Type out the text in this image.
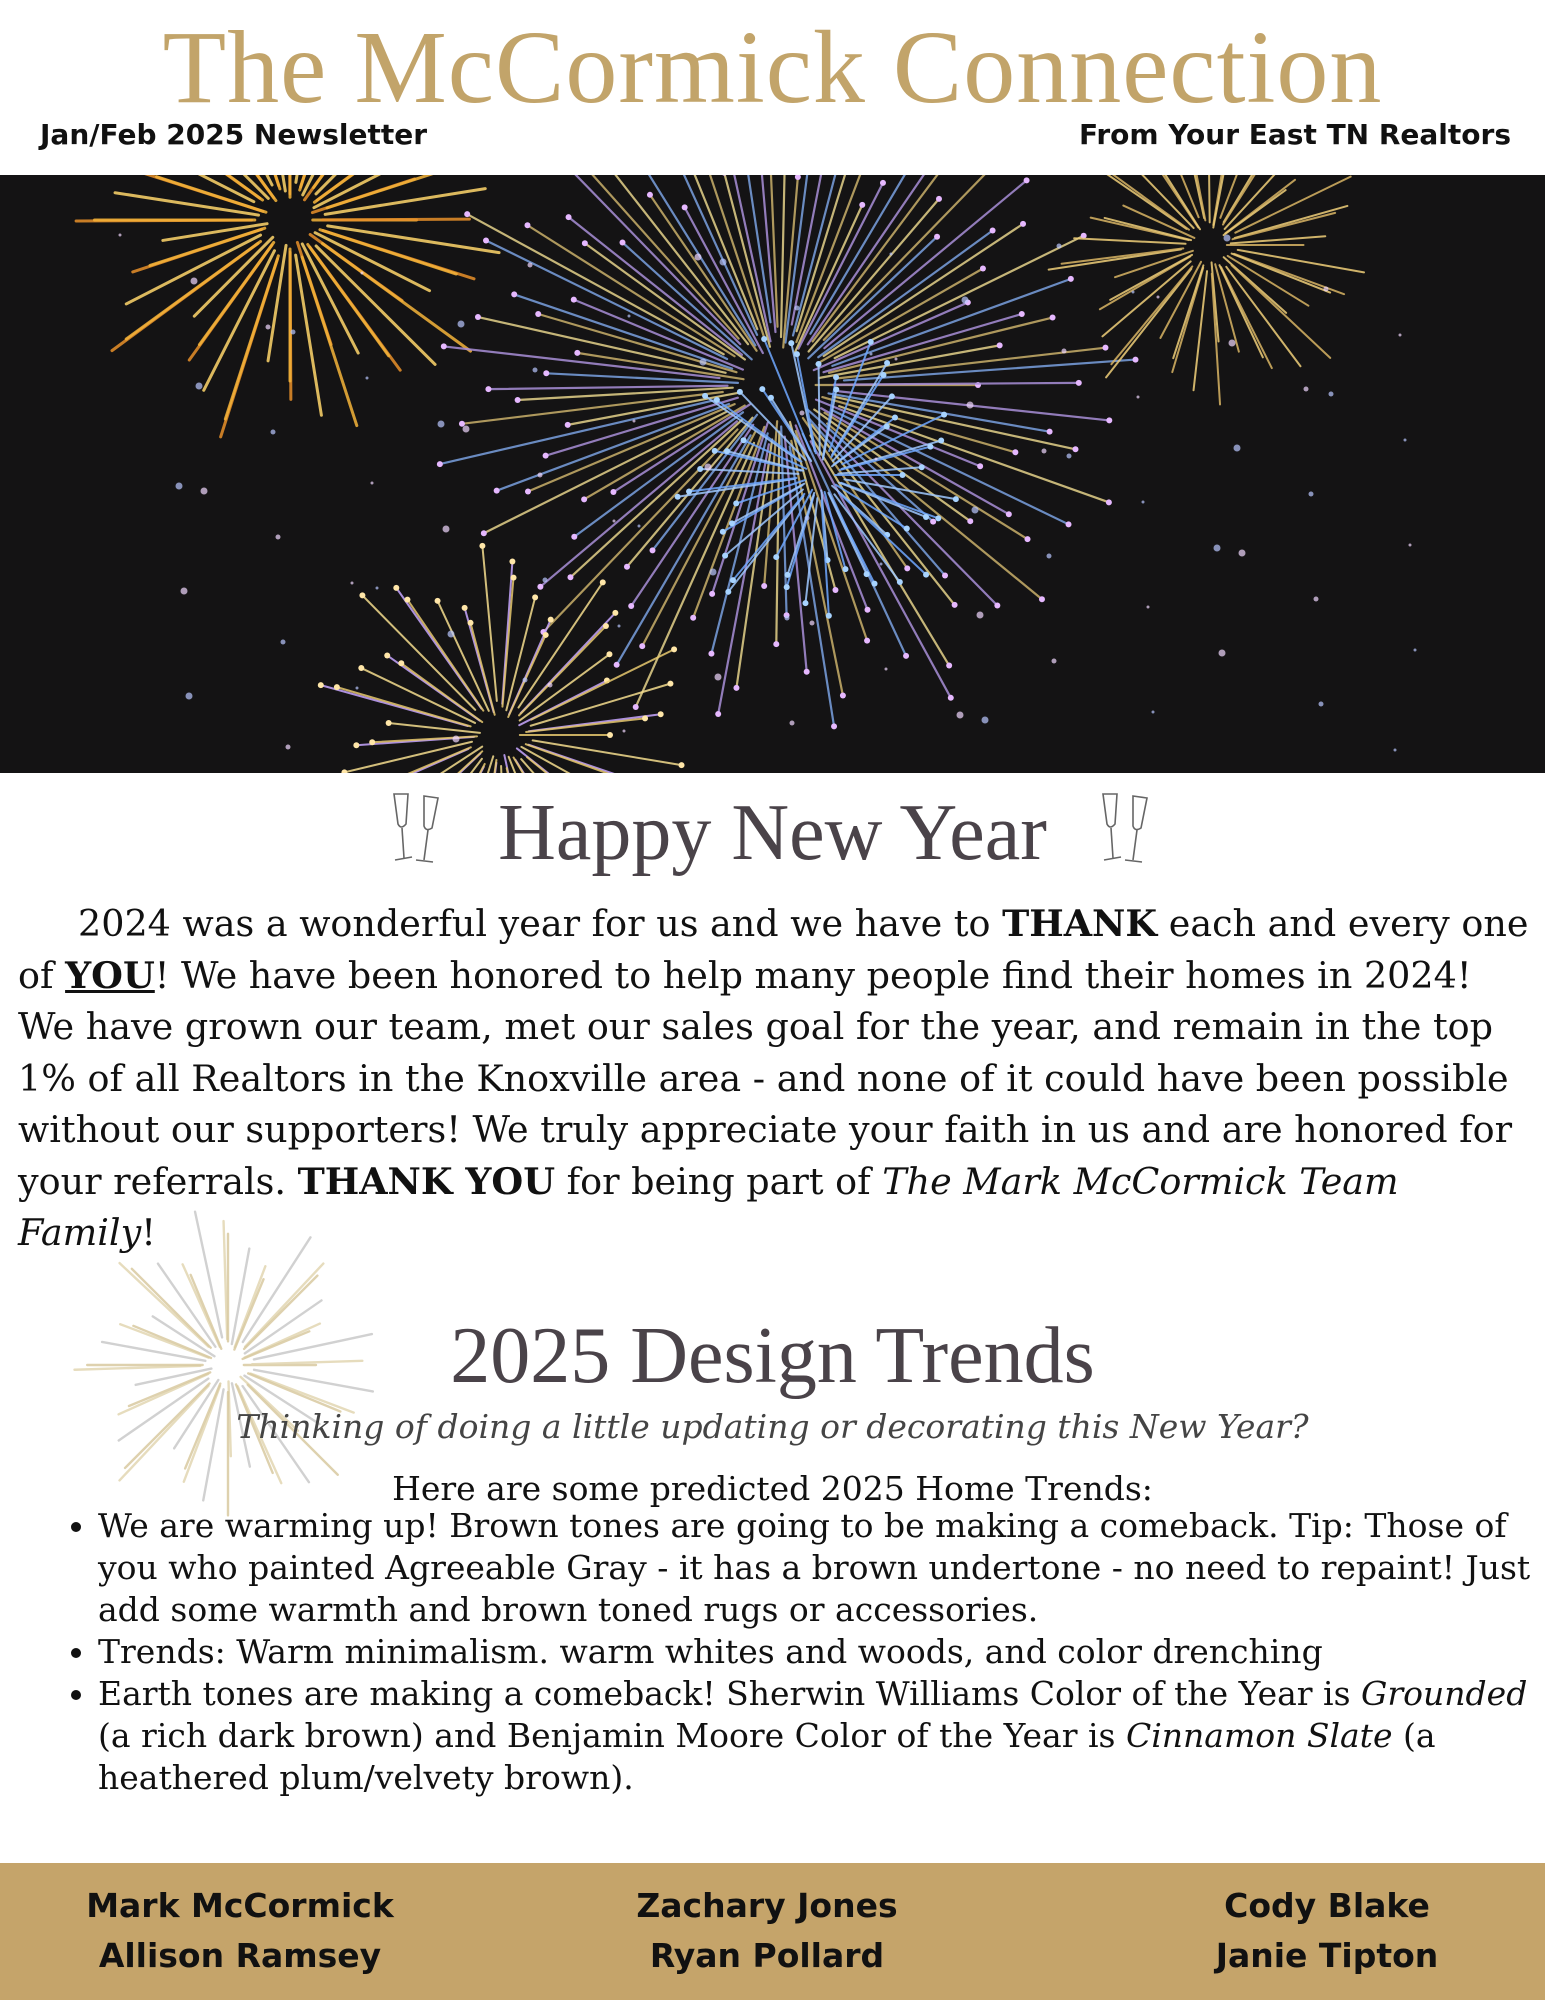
The McCormick Connection
Jan/Feb 2025 Newsletter	From Your East TN Realtors
Happy New Year

2024 was a wonderful year for us and we have to THANK each and every one of YOU! We have been honored to help many people find their homes in 2024! We have grown our team, met our sales goal for the year, and remain in the top 1% of all Realtors in the Knoxville area - and none of it could have been possible without our supporters! We truly appreciate your faith in us and are honored for your referrals. THANK YOU for being part of The Mark McCormick Team Family!

2025 Design Trends
Thinking of doing a little updating or decorating this New Year?
Here are some predicted 2025 Home Trends:
• We are warming up! Brown tones are going to be making a comeback. Tip: Those of you who painted Agreeable Gray - it has a brown undertone - no need to repaint! Just add some warmth and brown toned rugs or accessories.
• Trends: Warm minimalism. warm whites and woods, and color drenching
• Earth tones are making a comeback! Sherwin Williams Color of the Year is Grounded (a rich dark brown) and Benjamin Moore Color of the Year is Cinnamon Slate (a heathered plum/velvety brown).
Mark McCormick
Allison Ramsey
Zachary Jones
Ryan Pollard
Cody Blake
Janie Tipton
